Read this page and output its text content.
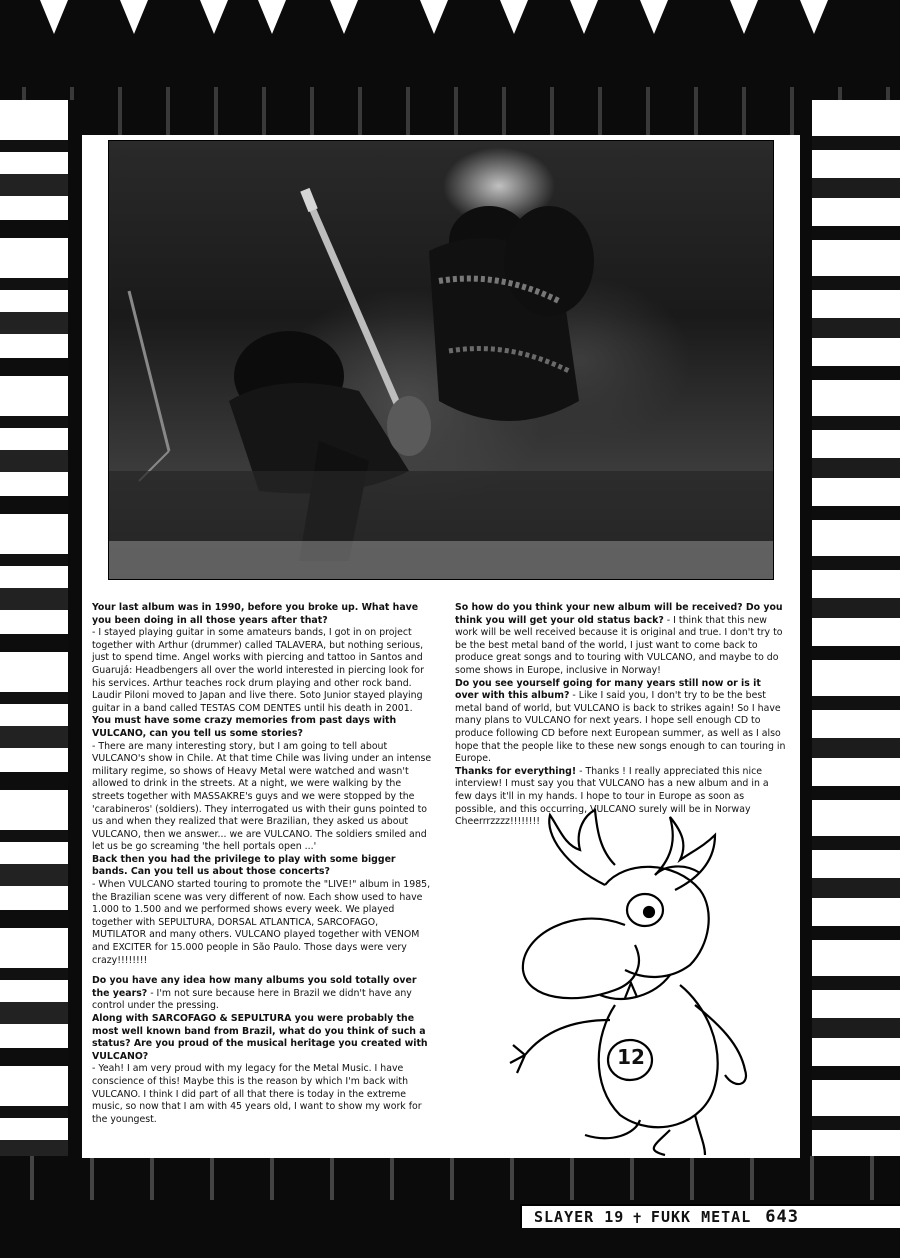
Your last album was in 1990, before you broke up. What have you been doing in all those years after that?

- I stayed playing guitar in some amateurs bands, I got in on project together with Arthur (drummer) called TALAVERA, but nothing serious, just to spend time. Angel works with piercing and tattoo in Santos and Guarujá: Headbengers all over the world interested in piercing look for his services. Arthur teaches rock drum playing and other rock band. Laudir Piloni moved to Japan and live there. Soto Junior stayed playing guitar in a band called TESTAS COM DENTES until his death in 2001.

You must have some crazy memories from past days with VULCANO, can you tell us some stories?

- There are many interesting story, but I am going to tell about VULCANO's show in Chile. At that time Chile was living under an intense military regime, so shows of Heavy Metal were watched and wasn't allowed to drink in the streets. At a night, we were walking by the streets together with MASSAKRE's guys and we were stopped by the 'carabineros' (soldiers). They interrogated us with their guns pointed to us and when they realized that were Brazilian, they asked us about VULCANO, then we answer... we are VULCANO. The soldiers smiled and let us be go screaming 'the hell portals open ...'

Back then you had the privilege to play with some bigger bands. Can you tell us about those concerts?

- When VULCANO started touring to promote the "LIVE!" album in 1985, the Brazilian scene was very different of now. Each show used to have 1.000 to 1.500 and we performed shows every week. We played together with SEPULTURA, DORSAL ATLANTICA, SARCOFAGO, MUTILATOR and many others. VULCANO played together with VENOM and EXCITER for 15.000 people in São Paulo. Those days were very crazy!!!!!!!!

Do you have any idea how many albums you sold totally over the years? - I'm not sure because here in Brazil we didn't have any control under the pressing.

Along with SARCOFAGO & SEPULTURA you were probably the most well known band from Brazil, what do you think of such a status? Are you proud of the musical heritage you created with VULCANO?

- Yeah! I am very proud with my legacy for the Metal Music. I have conscience of this! Maybe this is the reason by which I'm back with VULCANO. I think I did part of all that there is today in the extreme music, so now that I am with 45 years old, I want to show my work for the youngest.

So how do you think your new album will be received? Do you think you will get your old status back? - I think that this new work will be well received because it is original and true. I don't try to be the best metal band of the world, I just want to come back to produce great songs and to touring with VULCANO, and maybe to do some shows in Europe, inclusive in Norway!

Do you see yourself going for many years still now or is it over with this album? - Like I said you, I don't try to be the best metal band of world, but VULCANO is back to strikes again! So I have many plans to VULCANO for next years. I hope sell enough CD to produce following CD before next European summer, as well as I also hope that the people like to these new songs enough to can touring in Europe.

Thanks for everything! - Thanks ! I really appreciated this nice interview! I must say you that VULCANO has a new album and in a few days it'll in my hands. I hope to tour in Europe as soon as possible, and this occurring, VULCANO surely will be in Norway Cheerrrzzzz!!!!!!!!

12
SLAYER 19 ✝ FUKK METAL 643
